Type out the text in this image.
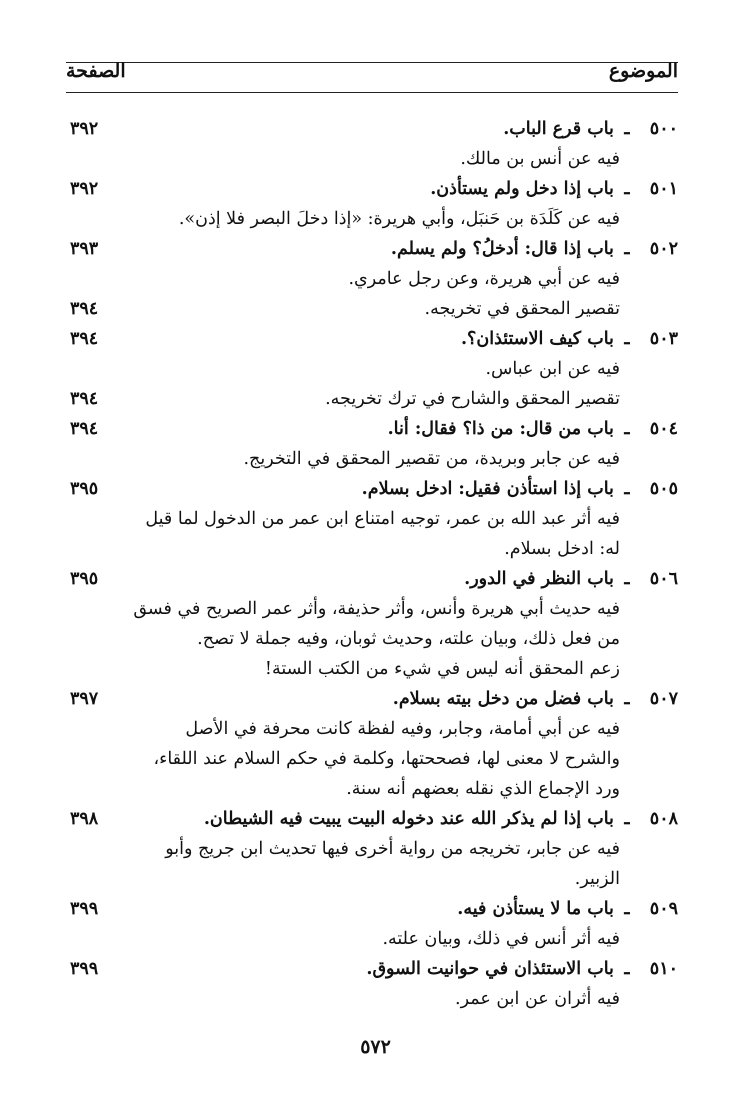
الموضوع
الصفحة
٥٠٠ـ باب قرع الباب.
٣٩٢
فيه عن أنس بن مالك.
٥٠١ـ باب إذا دخل ولم يستأذن.
٣٩٢
فيه عن كَلَدَة بن حَنبَل، وأبي هريرة: «إذا دخلَ البصر فلا إذن».
٥٠٢ـ باب إذا قال: أدخلُ؟ ولم يسلم.
٣٩٣
فيه عن أبي هريرة، وعن رجل عامري.
تقصير المحقق في تخريجه.
٣٩٤
٥٠٣ـ باب كيف الاستئذان؟.
٣٩٤
فيه عن ابن عباس.
تقصير المحقق والشارح في ترك تخريجه.
٣٩٤
٥٠٤ـ باب من قال: من ذا؟ فقال: أنا.
٣٩٤
فيه عن جابر وبريدة، من تقصير المحقق في التخريج.
٥٠٥ـ باب إذا استأذن فقيل: ادخل بسلام.
٣٩٥
فيه أثر عبد الله بن عمر، توجيه امتناع ابن عمر من الدخول لما قيل
له: ادخل بسلام.
٥٠٦ـ باب النظر في الدور.
٣٩٥
فيه حديث أبي هريرة وأنس، وأثر حذيفة، وأثر عمر الصريح في فسق
من فعل ذلك، وبيان علته، وحديث ثوبان، وفيه جملة لا تصح.
زعم المحقق أنه ليس في شيء من الكتب الستة!
٥٠٧ـ باب فضل من دخل بيته بسلام.
٣٩٧
فيه عن أبي أمامة، وجابر، وفيه لفظة كانت محرفة في الأصل
والشرح لا معنى لها، فصححتها، وكلمة في حكم السلام عند اللقاء،
ورد الإجماع الذي نقله بعضهم أنه سنة.
٥٠٨ـ باب إذا لم يذكر الله عند دخوله البيت يبيت فيه الشيطان.
٣٩٨
فيه عن جابر، تخريجه من رواية أخرى فيها تحديث ابن جريج وأبو
الزبير.
٥٠٩ـ باب ما لا يستأذن فيه.
٣٩٩
فيه أثر أنس في ذلك، وبيان علته.
٥١٠ـ باب الاستئذان في حوانيت السوق.
٣٩٩
فيه أثران عن ابن عمر.
٥٧٢
